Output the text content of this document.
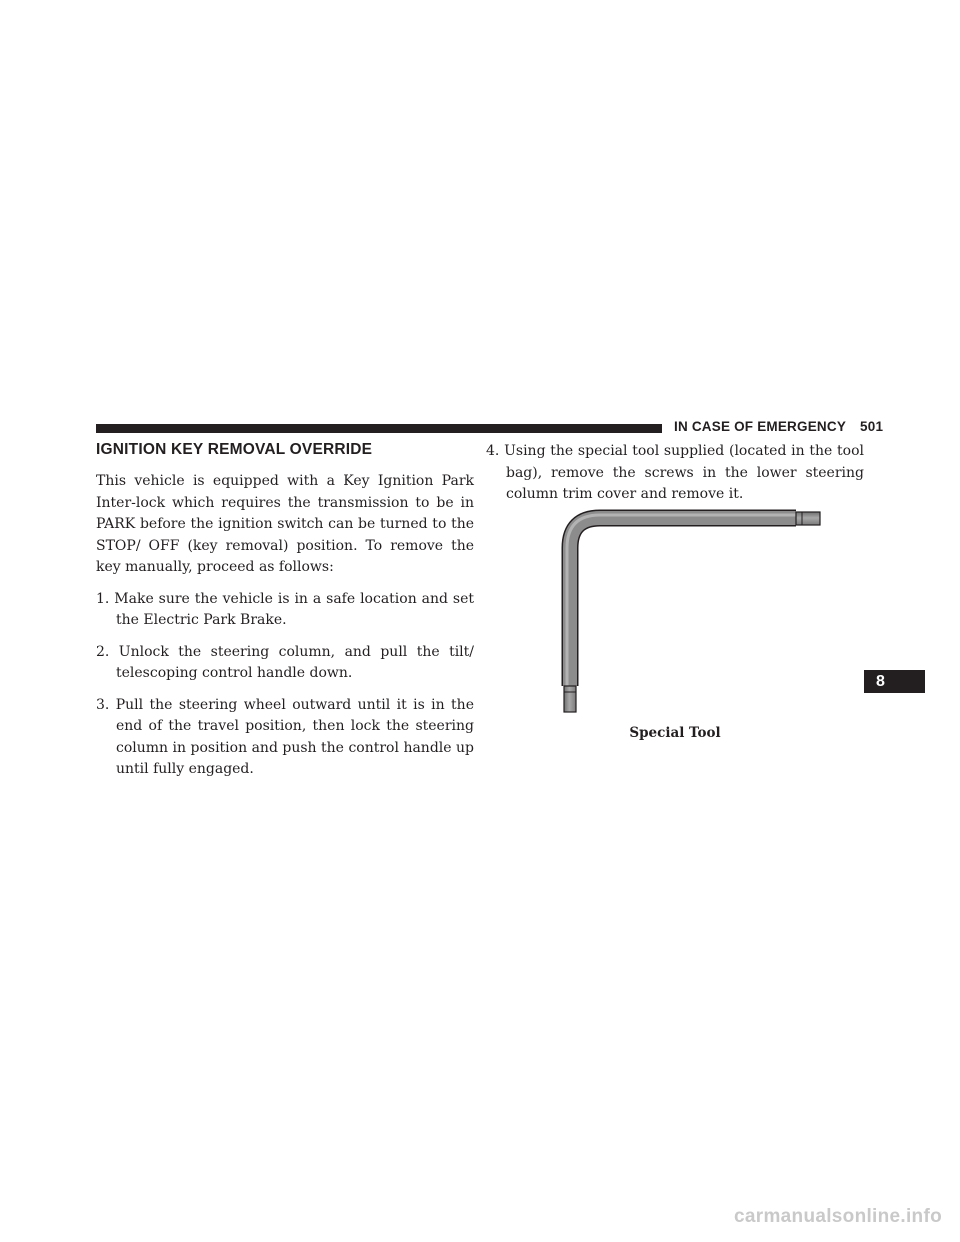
IN CASE OF EMERGENCY 501
IGNITION KEY REMOVAL OVERRIDE

This vehicle is equipped with a Key Ignition Park Inter-lock which requires the transmission to be in PARK before the ignition switch can be turned to the STOP/ OFF (key removal) position. To remove the key manually, proceed as follows:

1. Make sure the vehicle is in a safe location and set the Electric Park Brake.

2. Unlock the steering column, and pull the tilt/ telescoping control handle down.

3. Pull the steering wheel outward until it is in the end of the travel position, then lock the steering column in position and push the control handle up until fully engaged.

4. Using the special tool supplied (located in the tool bag), remove the screws in the lower steering column trim cover and remove it.

Special Tool
8
carmanualsonline.info
